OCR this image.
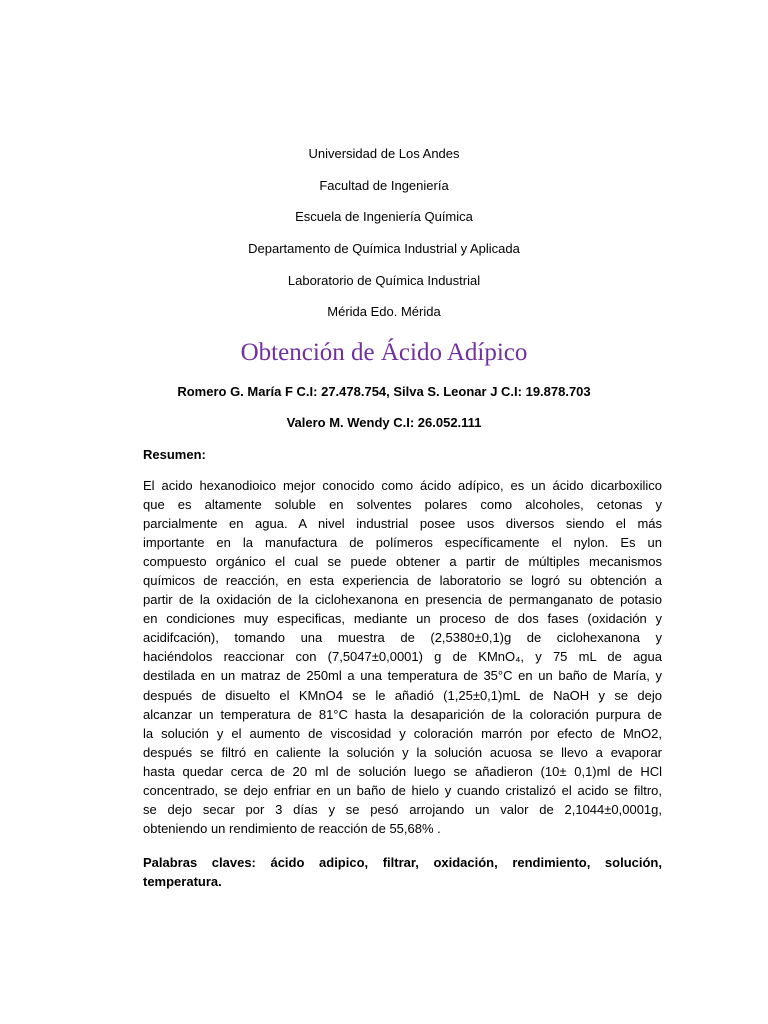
Universidad de Los Andes
Facultad de Ingeniería
Escuela de Ingeniería Química
Departamento de Química Industrial y Aplicada
Laboratorio de Química Industrial
Mérida Edo. Mérida
Obtención de Ácido Adípico
Romero G. María F C.I: 27.478.754, Silva S. Leonar J C.I: 19.878.703
Valero M. Wendy C.I: 26.052.111
Resumen:
El acido hexanodioico mejor conocido como ácido adípico, es un ácido dicarboxilico
que es altamente soluble en solventes polares como alcoholes, cetonas y
parcialmente en agua. A nivel industrial posee usos diversos siendo el más
importante en la manufactura de polímeros específicamente el nylon. Es un
compuesto orgánico el cual se puede obtener a partir de múltiples mecanismos
químicos de reacción, en esta experiencia de laboratorio se logró su obtención a
partir de la oxidación de la ciclohexanona en presencia de permanganato de potasio
en condiciones muy especificas, mediante un proceso de dos fases (oxidación y
acidifcación), tomando una muestra de (2,5380±0,1)g de ciclohexanona y
haciéndolos reaccionar con (7,5047±0,0001) g de KMnO₄, y 75 mL de agua
destilada en un matraz de 250ml a una temperatura de 35°C en un baño de María, y
después de disuelto el KMnO4 se le añadió (1,25±0,1)mL de NaOH y se dejo
alcanzar un temperatura de 81°C hasta la desaparición de la coloración purpura de
la solución y el aumento de viscosidad y coloración marrón por efecto de MnO2,
después se filtró en caliente la solución y la solución acuosa se llevo a evaporar
hasta quedar cerca de 20 ml de solución luego se añadieron (10± 0,1)ml de HCl
concentrado, se dejo enfriar en un baño de hielo y cuando cristalizó el acido se filtro,
se dejo secar por 3 días y se pesó arrojando un valor de 2,1044±0,0001g,
obteniendo un rendimiento de reacción de 55,68% .
Palabras claves: ácido adipico, filtrar, oxidación, rendimiento, solución,
temperatura.
